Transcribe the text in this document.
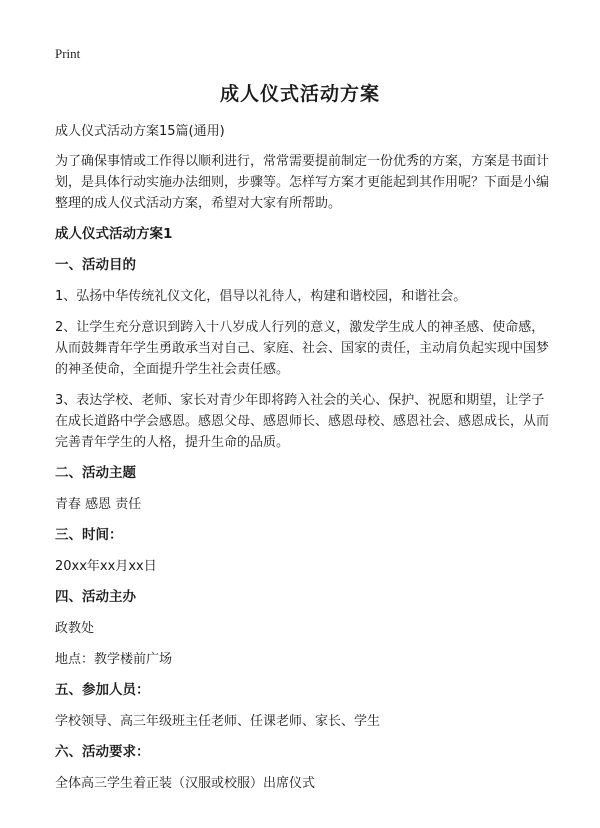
Print
成人仪式活动方案

成人仪式活动方案15篇(通用)

为了确保事情或工作得以顺利进行，常常需要提前制定一份优秀的方案，方案是书面计划，是具体行动实施办法细则，步骤等。怎样写方案才更能起到其作用呢？下面是小编整理的成人仪式活动方案，希望对大家有所帮助。

成人仪式活动方案1

一、活动目的

1、弘扬中华传统礼仪文化，倡导以礼待人，构建和谐校园，和谐社会。

2、让学生充分意识到跨入十八岁成人行列的意义，激发学生成人的神圣感、使命感，从而鼓舞青年学生勇敢承当对自己、家庭、社会、国家的责任，主动肩负起实现中国梦的神圣使命，全面提升学生社会责任感。

3、表达学校、老师、家长对青少年即将跨入社会的关心、保护、祝愿和期望，让学子在成长道路中学会感恩。感恩父母、感恩师长、感恩母校、感恩社会、感恩成长，从而完善青年学生的人格，提升生命的品质。

二、活动主题

青春 感恩 责任

三、时间：

20xx年xx月xx日

四、活动主办

政教处

地点：教学楼前广场

五、参加人员：

学校领导、高三年级班主任老师、任课老师、家长、学生

六、活动要求：

全体高三学生着正装（汉服或校服）出席仪式
